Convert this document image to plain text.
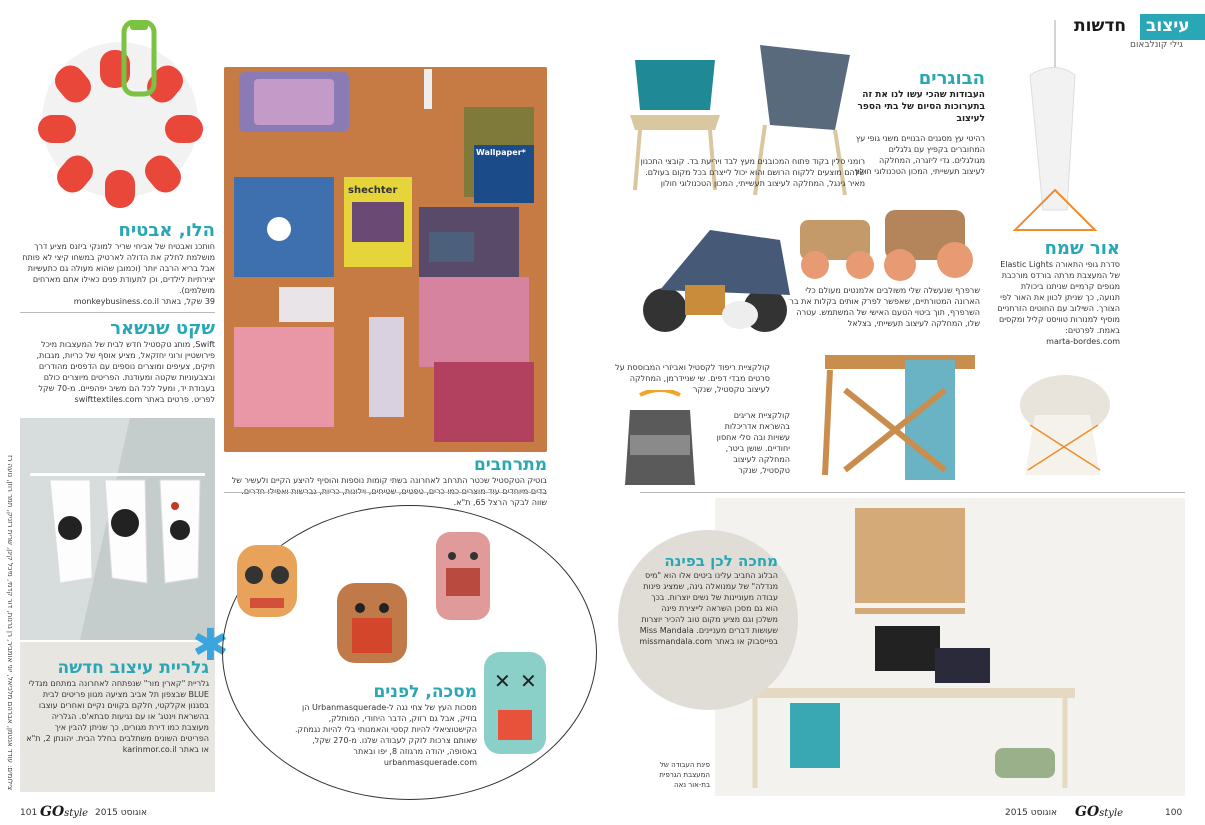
הלו, אבטיח
חותכנ ואבטיח של אביחי שריר למונקי ביזנס מציע דרך מושלמת לחלק את הדולה לארטיק במשחו קיצי לא פותח אבל בריא הרבה יותר (וכמובן שהוא מעולה גם כתעשיות יצירתיות לילדים, וכן לתעודת פנים כאילו אתם מארחים מושלמים).
39 שקל, באתר monkeybusiness.co.il
שקט שנשאר
Swift, מותג טקסטיל חדש לבית של המעצבות מיכל פירושטיין ורוני יחזקאל, מציע אוסף של כריות, מגבות, תיקים, צעיפים ומוצרים נוספים עם הדפסים מהודרים ובצבעוניות שקטה ומעודנת. הפריטים מיוצרים כולם בעבודת יד, ומעל לכל הם משיב יפהפיים. מ-70 שקל לפריט. פרטים באתר swifttextiles.com
✱
גלריית עיצוב חדשה
גלריית "קארין מור" שנפתחה לאחרונה במתחם מגדלי BLUE שבצפון תל אביב מציעה מגוון פריטים לבית בסגנון אקלקטי, חלקם בקווים נקיים ואחרים עוצבו בהשראת וינטג' או עם נגיעות סבתא'ס. הגלריה מעוצבת כמו דירת מגורים, כך שניתן להבין איך הפריטים השונים משתלבים בחלל הבית. יהונתן 2, ת"א או באתר karinmor.co.il
צילומים: עודד אנטמן, אברהם מלכיאל, יוני אומביר, רן גרנות, דור קדמי, מיכל קינן, שרית רזניק, תמר רוזן, נועה רז
shechter
Wallpaper*
מתרחבים
בוטיק הטקסטיל שכטר התרחב לאחרונה בשתי קומות נוספות והוסיף להיצע הקיים ולעשיר של שווה לבקר הרצל 65, ת"א.
✕ ✕
מסכה, לפנים
מסכות העץ של צחי נגה ל-Urbanmasquerade הן בוזיק, אבל גם רזוק, הדבר היחודי, המותלק, הקישטוציאלי להיות קסטי והאמנותי בלי להיות נגמחק. שאותם צרכות לזקק לעבודה שלנו. מ-270 שקל, באסופה, יהודה מרגוזה 8, יפו ובאתר urbanmasquerade.com
101 GOstyle אוגוסט 2015
עיצוב
חדשות
גילי קונלבאום
הבוגרים
העבודות שהכי עשו לנו את זה בתערוכות הסיום של בתי הספר לעיצוב
רהיטי עץ מסגנים הבנויים משני גופי עץ המחוברים בקפיץ עם גלגלים מגולגלים. גדי ליזגרה, המחלקה לעיצוב תעשייתי, המכון הטכנולוגי חולון
רומני סלין בקוד פתוח המכובנים מעץ לבד ויריעת בד. קובצי התכנון שלהם מוצעים ללקוח הרושם והוא יכול לייצרם בכל מקום בעולם. מאיר גינגל, המחלקה לעיצוב תעשייתי, המכון הטכנולוגי חולון
אור שמח
סדרת גופי התאורה Elastic Lights של המעצבת מרתה בורדס מורכבת מגופים קרמיים שניתנו ביכולת תנועה, כך שניתן לכוון את האור לפי הצורך. השילוב עם החוטים הזרחניים מוסיף למנורות טוויסט קליל ומקסים באמת. לפרטים:
marta-bordes.com
שרפרף שנעשלה שלי משולבים אלמנטים מעולם כלי הארונה המטורתיים, שאפשר לפרק אותים בקלות את בר השרפרף, תוך ביטוי הטעם האישי של המשתמש. עטרה שלו, המחלקה לעיצוב תעשייתי, בצלאל
קולקציית ריפוד לקסטיל ואביזרי המבוססת על סרטים מבדי דפים. שי שניידרמן, המחלקה לעיצוב טקסטיל, שנקר
קולקציית אריגים בהשראת אדריכלות עשויות ובה סלי אחסון יחודיים. שושן ביטר, המחלקה לעיצוב טקסטיל, שנקר
מחכה לכן בפינה
הבלוג החביב עלינו ביטים אלו הוא "מיס מנדלה" של עמנואלה גינה, שמציג פינות עבודה מעוניינות של נשים יוצרות. בכך הוא גם מסכן השראה לייצירת פינה משלכן וגם מציע מקום טוב להכיר יוצרות שעושות דברים מעניינים. Miss Mandala בפייסבוק או באתר missmandala.com
פינת העבודה של המעצבת הגרפית בת-אור נאה
אוגוסט 2015 GOstyle	100
